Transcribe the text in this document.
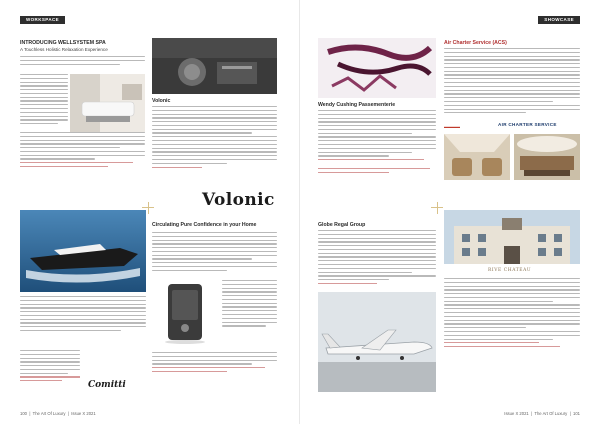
WORKSPACE
INTRODUCING WELLSYSTEM SPA
A Touchless Holistic Relaxation Experience
Volonic
Volonic
Comitti
Circulating Pure Confidence in your Home
100  |  The Art Of Luxury  |  Issue X 2021
SHOWCASE
Wendy Cushing Passementerie
Air Charter Service (ACS)
▬▬▬▬	AIR CHARTER SERVICE
Globe Regal Group
RIVE CHATEAU
Issue X 2021  |  The Art Of Luxury  |  101
